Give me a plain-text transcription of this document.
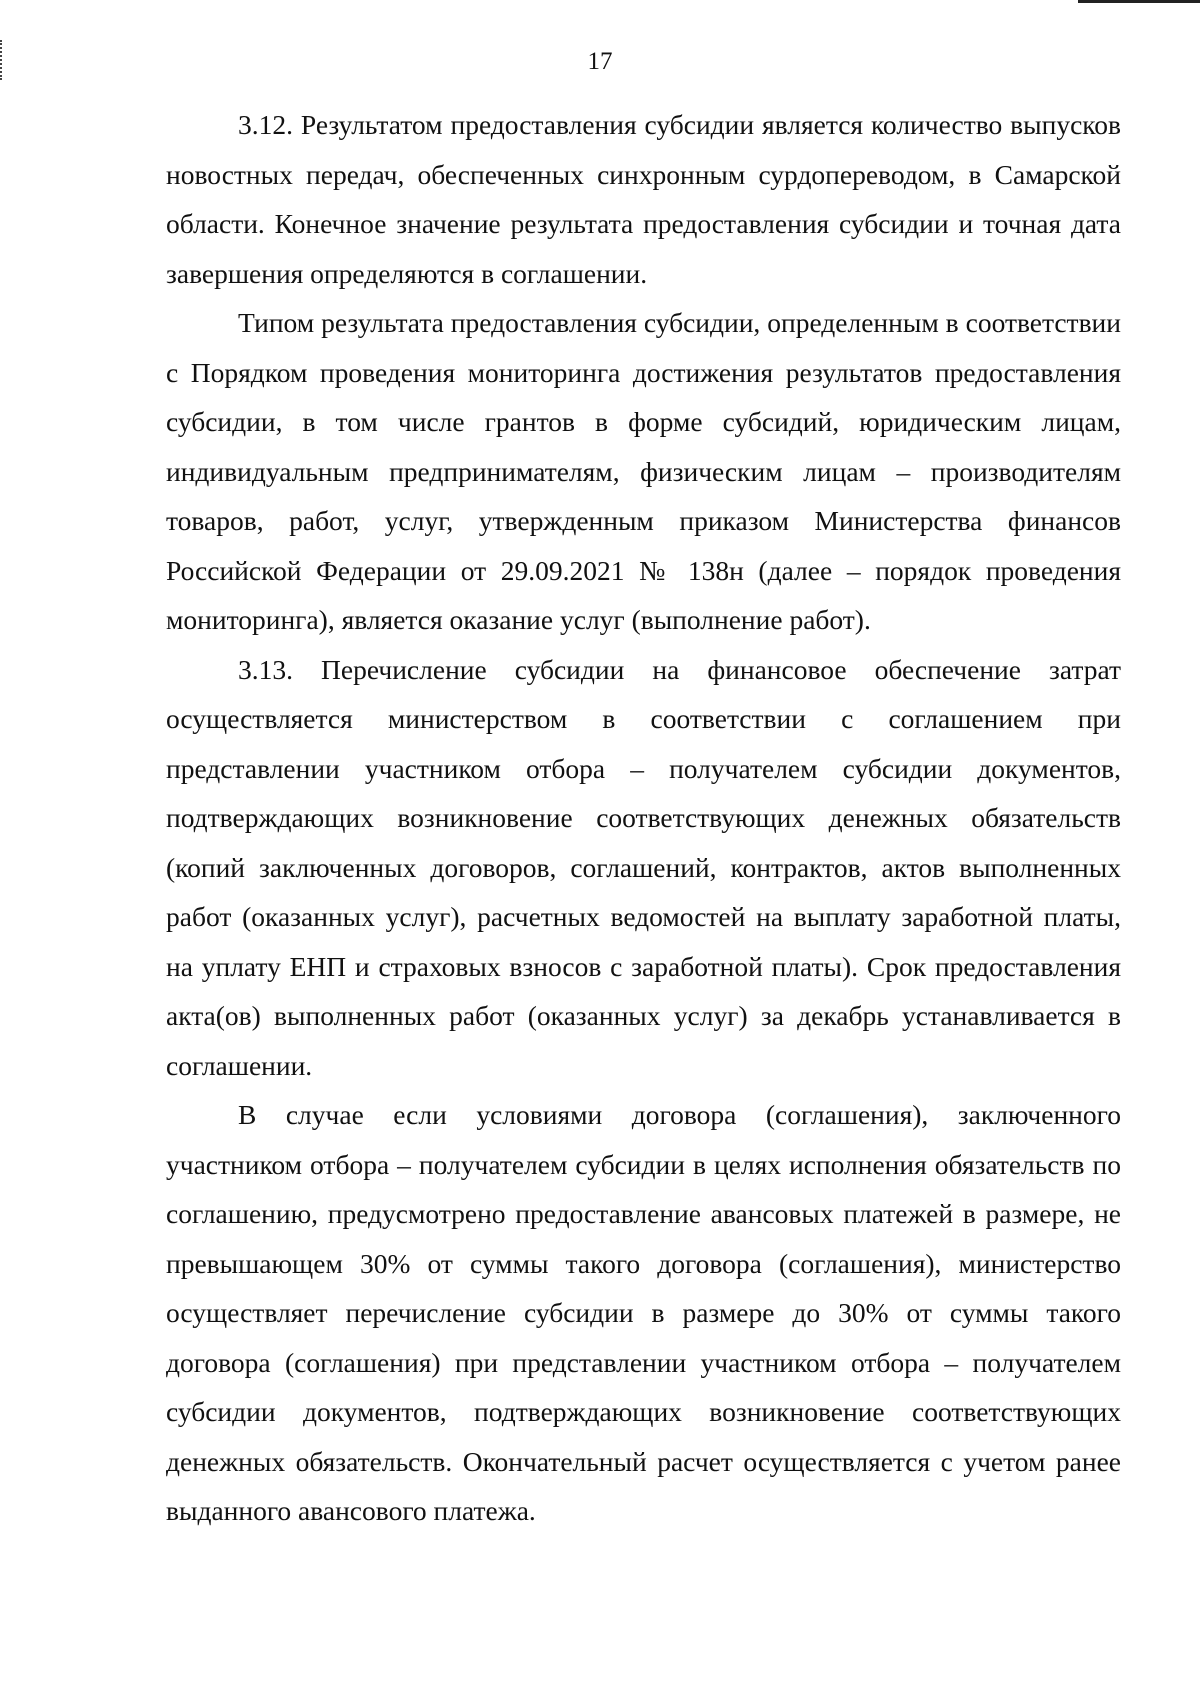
17

3.12. Результатом предоставления субсидии является количество выпусков новостных передач, обеспеченных синхронным сурдопереводом, в Самарской области. Конечное значение результата предоставления субсидии и точная дата завершения определяются в соглашении.

Типом результата предоставления субсидии, определенным в соответствии с Порядком проведения мониторинга достижения результатов предоставления субсидии, в том числе грантов в форме субсидий, юридическим лицам, индивидуальным предпринимателям, физическим лицам – производителям товаров, работ, услуг, утвержденным приказом Министерства финансов Российской Федерации от 29.09.2021 № 138н (далее – порядок проведения мониторинга), является оказание услуг (выполнение работ).

3.13. Перечисление субсидии на финансовое обеспечение затрат осуществляется министерством в соответствии с соглашением при представлении участником отбора – получателем субсидии документов, подтверждающих возникновение соответствующих денежных обязательств (копий заключенных договоров, соглашений, контрактов, актов выполненных работ (оказанных услуг), расчетных ведомостей на выплату заработной платы, на уплату ЕНП и страховых взносов с заработной платы). Срок предоставления акта(ов) выполненных работ (оказанных услуг) за декабрь устанавливается в соглашении.

В случае если условиями договора (соглашения), заключенного участником отбора – получателем субсидии в целях исполнения обязательств по соглашению, предусмотрено предоставление авансовых платежей в размере, не превышающем 30% от суммы такого договора (соглашения), министерство осуществляет перечисление субсидии в размере до 30% от суммы такого договора (соглашения) при представлении участником отбора – получателем субсидии документов, подтверждающих возникновение соответствующих денежных обязательств. Окончательный расчет осуществляется с учетом ранее выданного авансового платежа.
